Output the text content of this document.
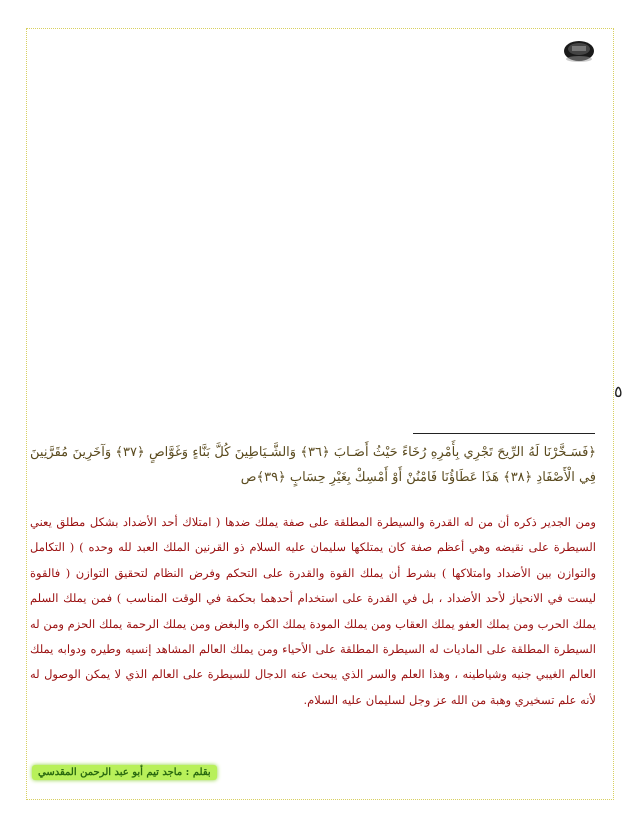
٥
﴿فَسَـخَّرْنَا لَهُ الرِّيحَ تَجْرِي بِأَمْرِهِ رُخَاءً حَيْثُ أَصَـابَ ﴿٣٦﴾ وَالشَّـيَاطِينَ كُلَّ بَنَّاءٍ وَغَوَّاصٍ ﴿٣٧﴾ وَآخَرِينَ مُقَرَّنِينَ فِي الْأَصْفَادِ ﴿٣٨﴾ هَذَا عَطَاؤُنَا فَامْنُنْ أَوْ أَمْسِكْ بِغَيْرِ حِسَابٍ ﴿٣٩﴾ص
ومن الجدير ذكره أن من له القدرة والسيطرة المطلقة على صفة يملك ضدها ( امتلاك أحد الأضداد بشكل مطلق يعني السيطرة على نقيضه وهي أعظم صفة كان يمتلكها سليمان عليه السلام ذو القرنين الملك العبد لله وحده ) ( التكامل والتوازن بين الأضداد وامتلاكها ) بشرط أن يملك القوة والقدرة على التحكم وفرض النظام لتحقيق التوازن ( فالقوة ليست في الانحياز لأحد الأضداد ، بل في القدرة على استخدام أحدهما بحكمة في الوقت المناسب ) فمن يملك السلم يملك الحرب ومن يملك العفو يملك العقاب ومن يملك المودة يملك الكره والبغض ومن يملك الرحمة يملك الحزم ومن له السيطرة المطلقة على الماديات له السيطرة المطلقة على الأحياء ومن يملك العالم المشاهد إنسيه وطيره ودوابه يملك العالم الغيبي جنيه وشياطينه ، وهذا العلم والسر الذي يبحث عنه الدجال للسيطرة على العالم الذي لا يمكن الوصول له لأنه علم تسخيري وهبة من الله عز وجل لسليمان عليه السلام.
بقلم : ماجد تيم أبو عبد الرحمن المقدسي
